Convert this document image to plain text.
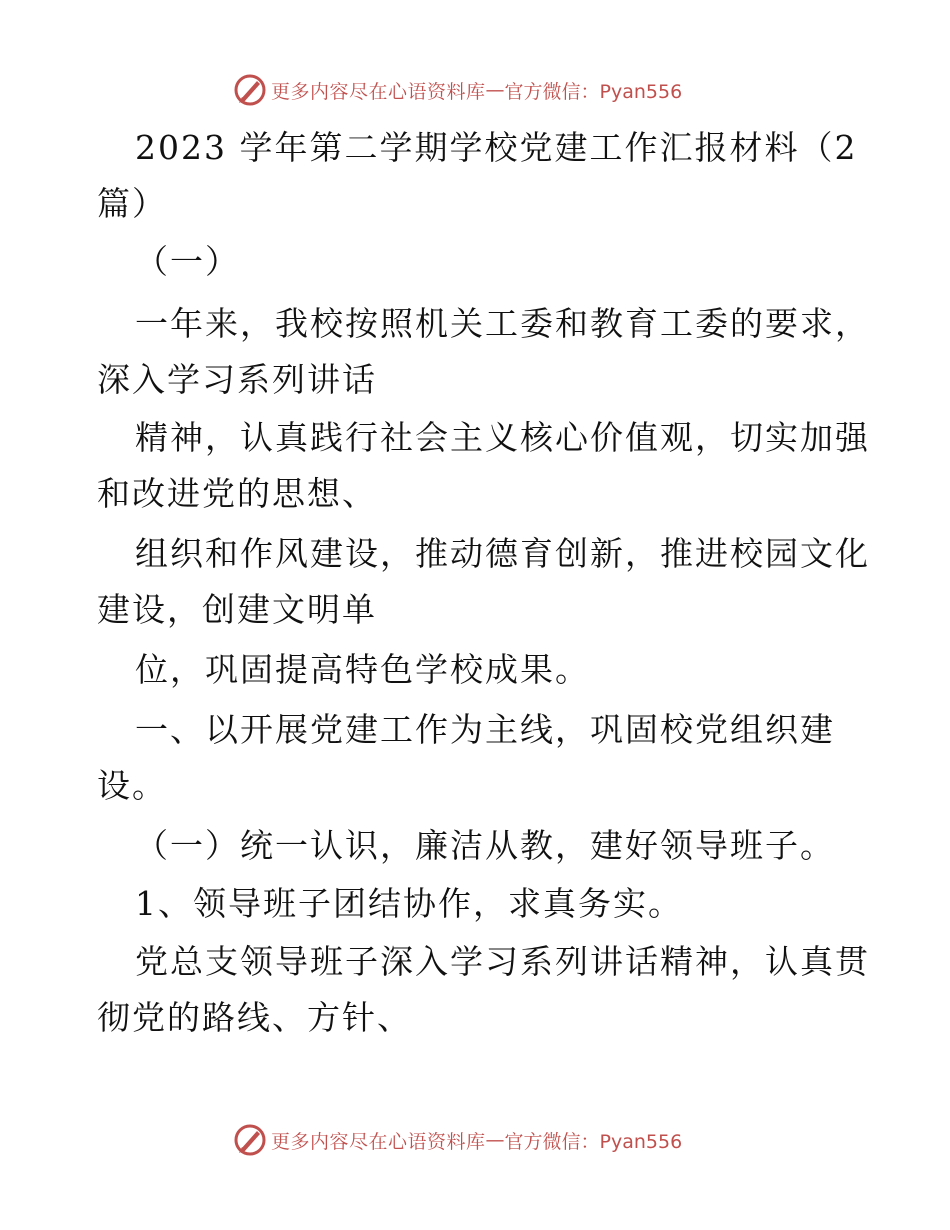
更多内容尽在心语资料库 — 官方微信：Pyan556
2023 学年第二学期学校党建工作汇报材料（2
篇）
（一）
一年来，我校按照机关工委和教育工委的要求，
深入学习系列讲话
精神，认真践行社会主义核心价值观，切实加强
和改进党的思想、
组织和作风建设，推动德育创新，推进校园文化
建设，创建文明单
位，巩固提高特色学校成果。
一、以开展党建工作为主线，巩固校党组织建
设。
（一）统一认识，廉洁从教，建好领导班子。
1、领导班子团结协作，求真务实。
党总支领导班子深入学习系列讲话精神，认真贯
彻党的路线、方针、
更多内容尽在心语资料库 — 官方微信：Pyan556
